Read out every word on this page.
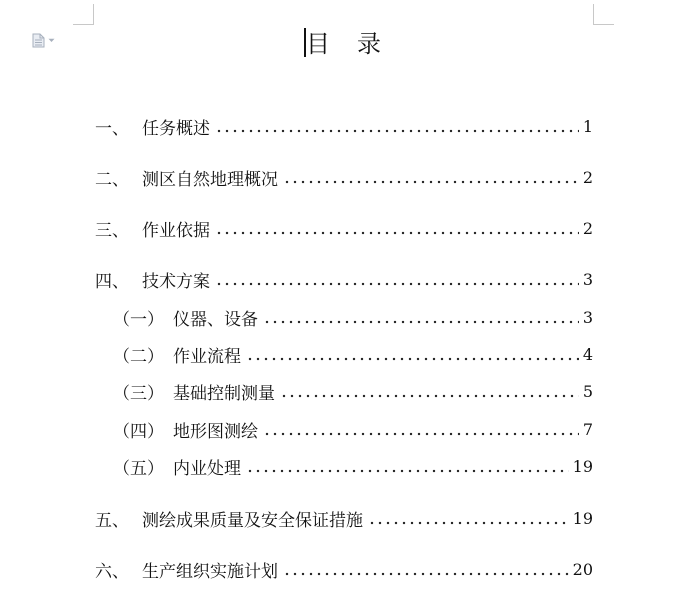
目 录
一、 任务概述	1
二、 测区自然地理概况	2
三、 作业依据	2
四、 技术方案	3
（一） 仪器、设备	3
（二） 作业流程	4
（三） 基础控制测量	5
（四） 地形图测绘	7
（五） 内业处理	19
五、 测绘成果质量及安全保证措施	19
六、 生产组织实施计划	20
